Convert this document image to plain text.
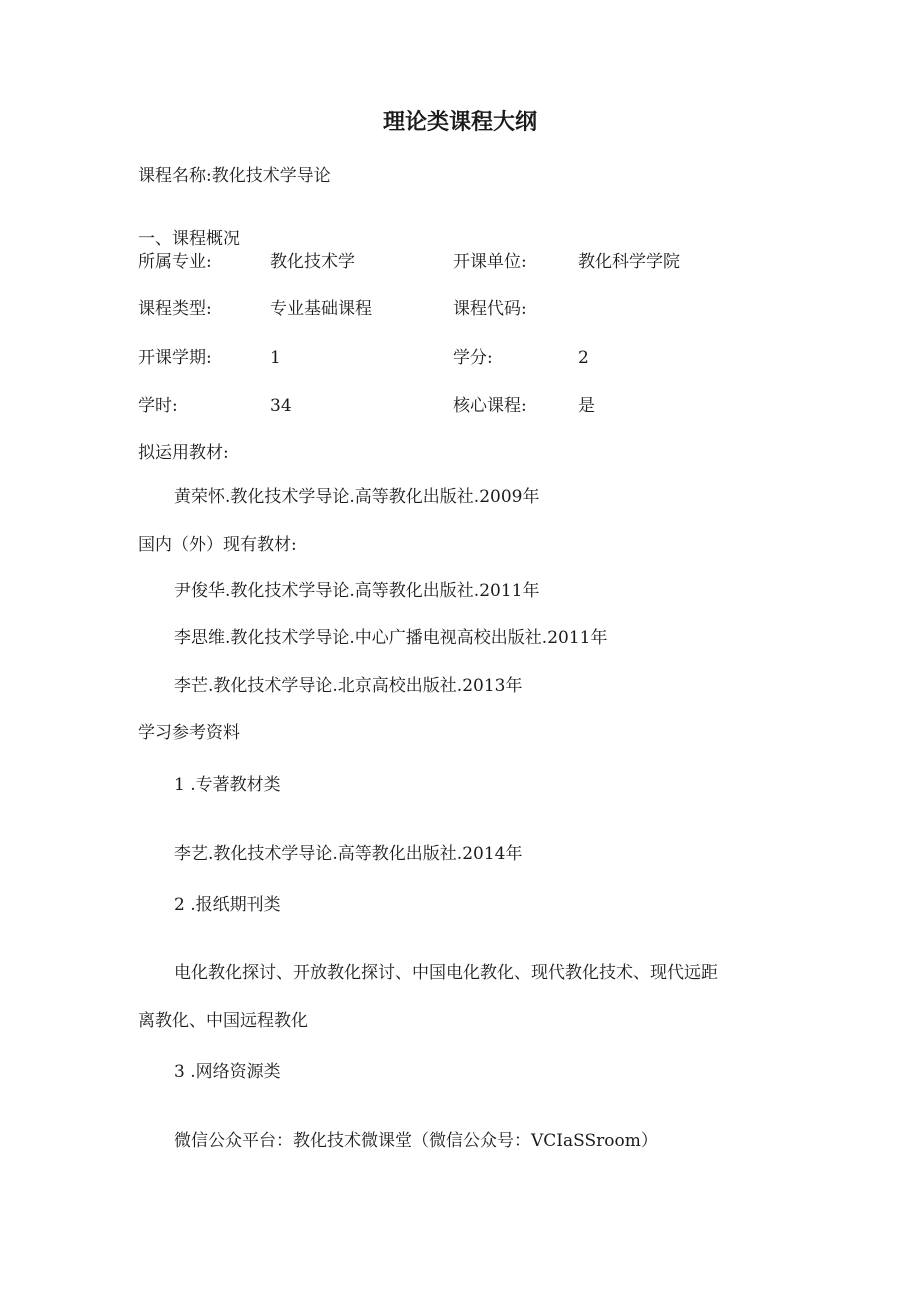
理论类课程大纲
课程名称:教化技术学导论
一、课程概况
所属专业:	教化技术学	开课单位:	教化科学学院
课程类型:	专业基础课程	课程代码:
开课学期:	1	学分:	2
学时:	34	核心课程:	是
拟运用教材:
黄荣怀.教化技术学导论.高等教化出版社.2009年
国内（外）现有教材:
尹俊华.教化技术学导论.高等教化出版社.2011年
李思维.教化技术学导论.中心广播电视高校出版社.2011年
李芒.教化技术学导论.北京高校出版社.2013年
学习参考资料
1 .专著教材类
李艺.教化技术学导论.高等教化出版社.2014年
2 .报纸期刊类
电化教化探讨、开放教化探讨、中国电化教化、现代教化技术、现代远距
离教化、中国远程教化
3 .网络资源类
微信公众平台：教化技术微课堂（微信公众号：VCIaSSroom）
